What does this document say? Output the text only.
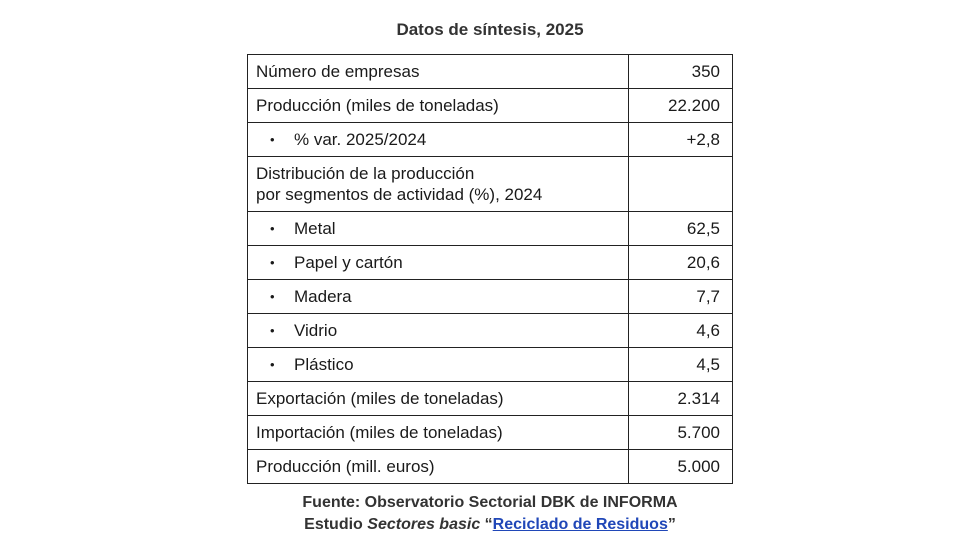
Datos de síntesis, 2025
Número de empresas	350
Producción (miles de toneladas)	22.200
• % var. 2025/2024	+2,8
Distribución de la producción
por segmentos de actividad (%), 2024	
• Metal	62,5
• Papel y cartón	20,6
• Madera	7,7
• Vidrio	4,6
• Plástico	4,5
Exportación (miles de toneladas)	2.314
Importación (miles de toneladas)	5.700
Producción (mill. euros)	5.000
Fuente: Observatorio Sectorial DBK de INFORMA
Estudio Sectores basic “Reciclado de Residuos”
